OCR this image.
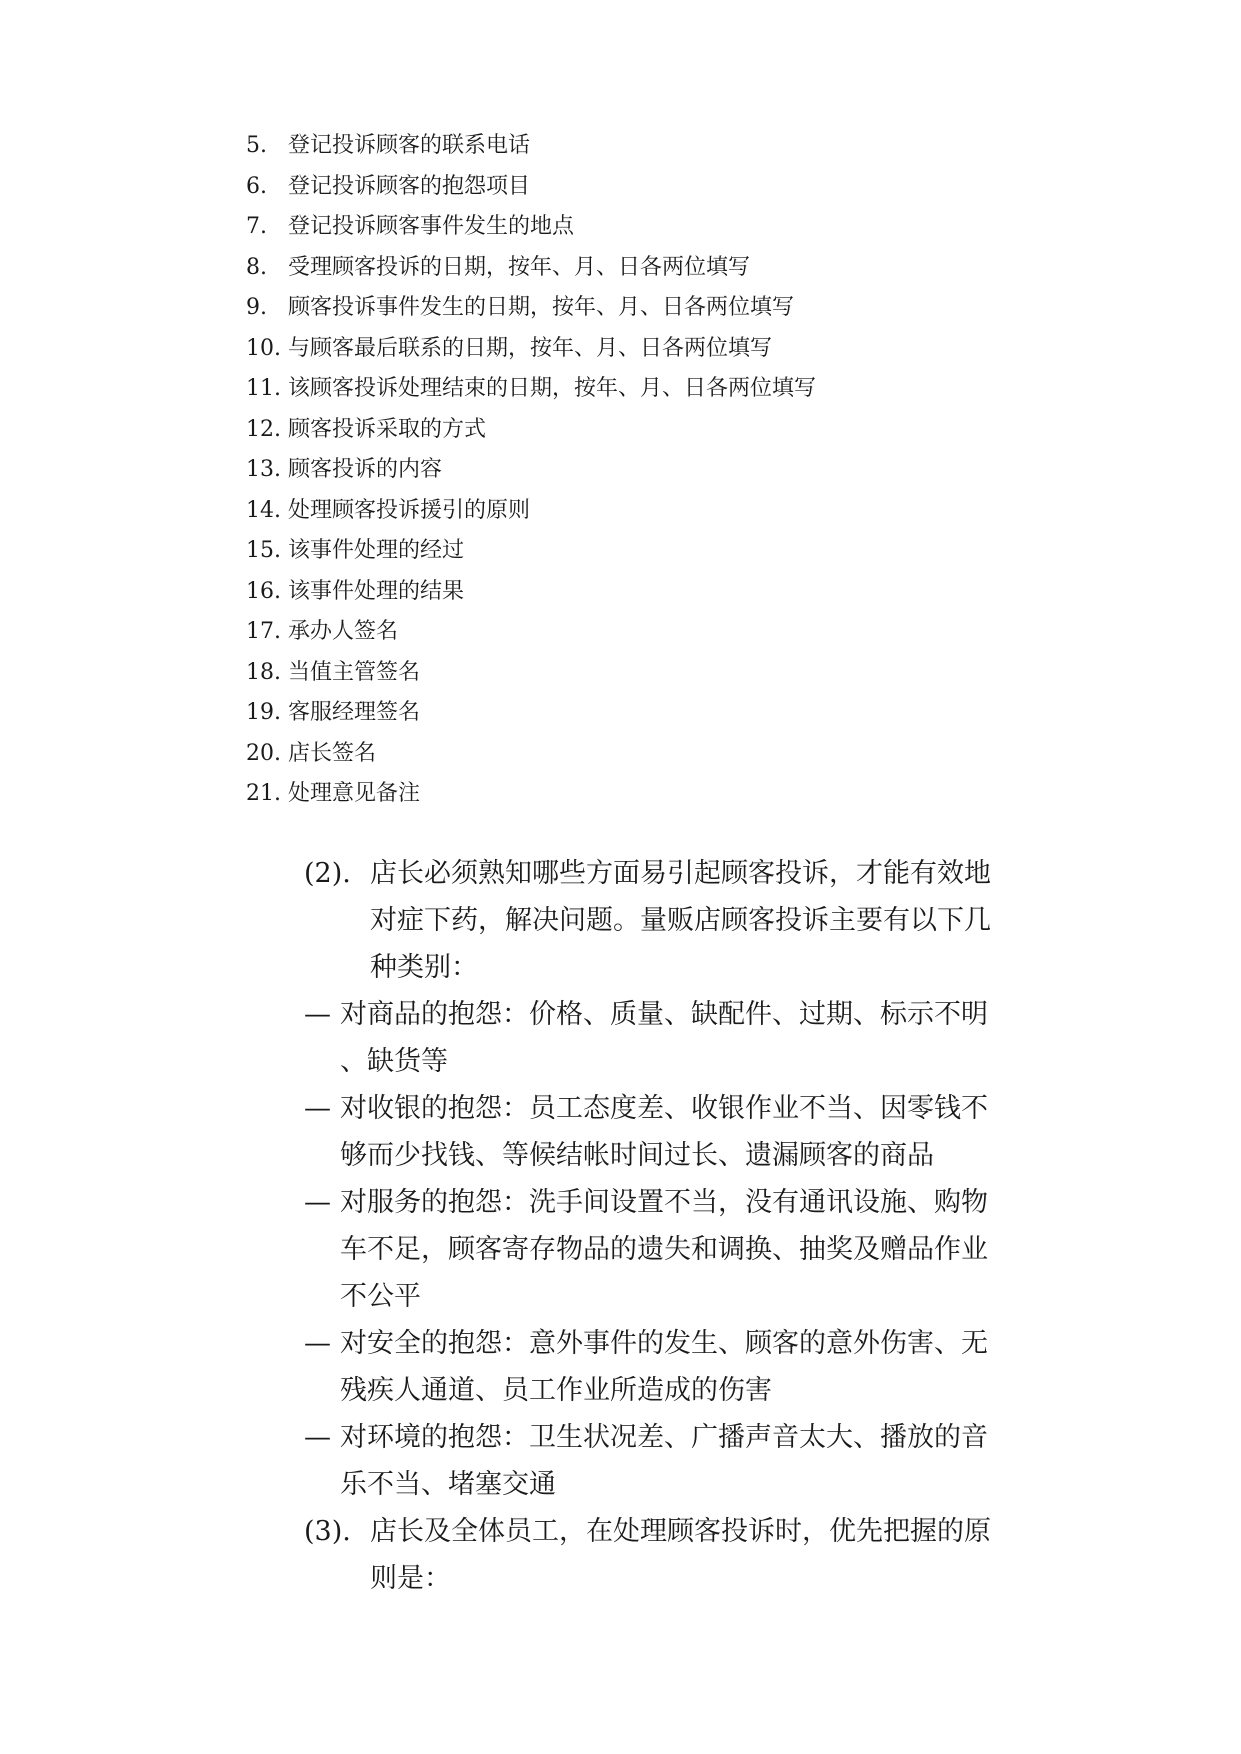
5. 登记投诉顾客的联系电话
6. 登记投诉顾客的抱怨项目
7. 登记投诉顾客事件发生的地点
8. 受理顾客投诉的日期，按年、月、日各两位填写
9. 顾客投诉事件发生的日期，按年、月、日各两位填写
10. 与顾客最后联系的日期，按年、月、日各两位填写
11. 该顾客投诉处理结束的日期，按年、月、日各两位填写
12. 顾客投诉采取的方式
13. 顾客投诉的内容
14. 处理顾客投诉援引的原则
15. 该事件处理的经过
16. 该事件处理的结果
17. 承办人签名
18. 当值主管签名
19. 客服经理签名
20. 店长签名
21. 处理意见备注
(2). 店长必须熟知哪些方面易引起顾客投诉，才能有效地
对症下药，解决问题。量贩店顾客投诉主要有以下几
种类别：
— 对商品的抱怨：价格、质量、缺配件、过期、标示不明
、缺货等
— 对收银的抱怨：员工态度差、收银作业不当、因零钱不
够而少找钱、等候结帐时间过长、遗漏顾客的商品
— 对服务的抱怨：洗手间设置不当，没有通讯设施、购物
车不足，顾客寄存物品的遗失和调换、抽奖及赠品作业
不公平
— 对安全的抱怨：意外事件的发生、顾客的意外伤害、无
残疾人通道、员工作业所造成的伤害
— 对环境的抱怨：卫生状况差、广播声音太大、播放的音
乐不当、堵塞交通
(3). 店长及全体员工，在处理顾客投诉时，优先把握的原
则是：
